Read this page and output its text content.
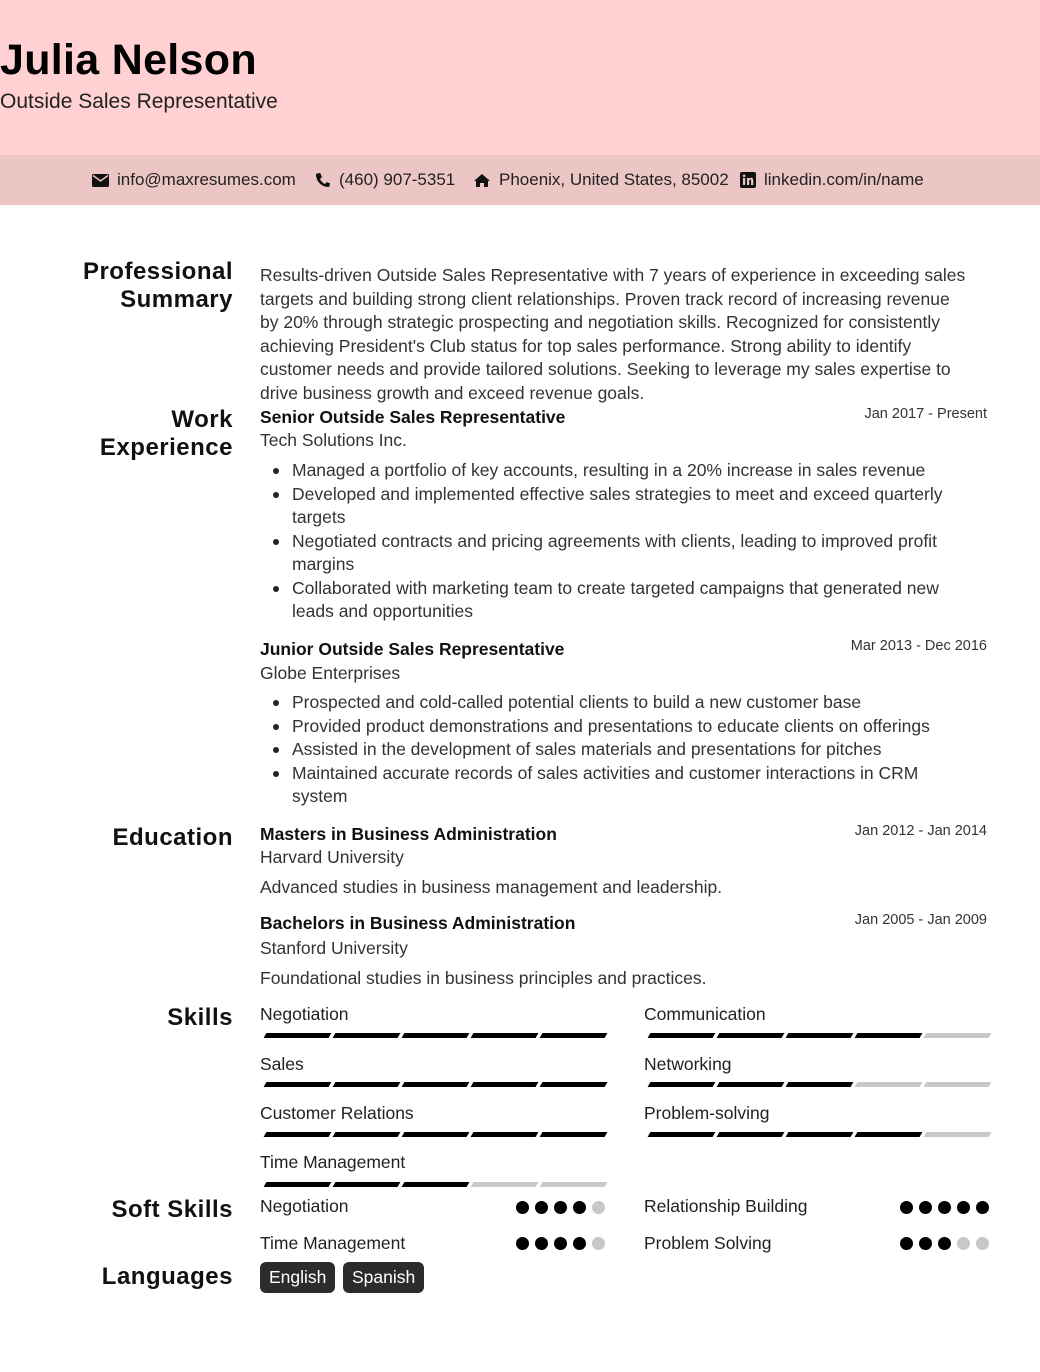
Julia Nelson
Outside Sales Representative
info@maxresumes.com	(460) 907-5351	Phoenix, United States, 85002 linkedin.com/in/name
Professional
Summary
Work
Experience
Education
Skills
Soft Skills
Languages
Results-driven Outside Sales Representative with 7 years of experience in exceeding sales
targets and building strong client relationships. Proven track record of increasing revenue
by 20% through strategic prospecting and negotiation skills. Recognized for consistently
achieving President's Club status for top sales performance. Strong ability to identify
customer needs and provide tailored solutions. Seeking to leverage my sales expertise to
drive business growth and exceed revenue goals.
Senior Outside Sales Representative	Jan 2017 - Present
Tech Solutions Inc.
Managed a portfolio of key accounts, resulting in a 20% increase in sales revenue
Developed and implemented effective sales strategies to meet and exceed quarterly
targets
Negotiated contracts and pricing agreements with clients, leading to improved profit
margins
Collaborated with marketing team to create targeted campaigns that generated new
leads and opportunities
Junior Outside Sales Representative	Mar 2013 - Dec 2016
Globe Enterprises
Prospected and cold-called potential clients to build a new customer base
Provided product demonstrations and presentations to educate clients on offerings
Assisted in the development of sales materials and presentations for pitches
Maintained accurate records of sales activities and customer interactions in CRM
system
Masters in Business Administration	Jan 2012 - Jan 2014
Harvard University
Advanced studies in business management and leadership.
Bachelors in Business Administration	Jan 2005 - Jan 2009
Stanford University
Foundational studies in business principles and practices.
Negotiation	Communication
Sales	Networking
Customer Relations	Problem-solving
Time Management
Negotiation	Relationship Building
Time Management	Problem Solving
English	Spanish
